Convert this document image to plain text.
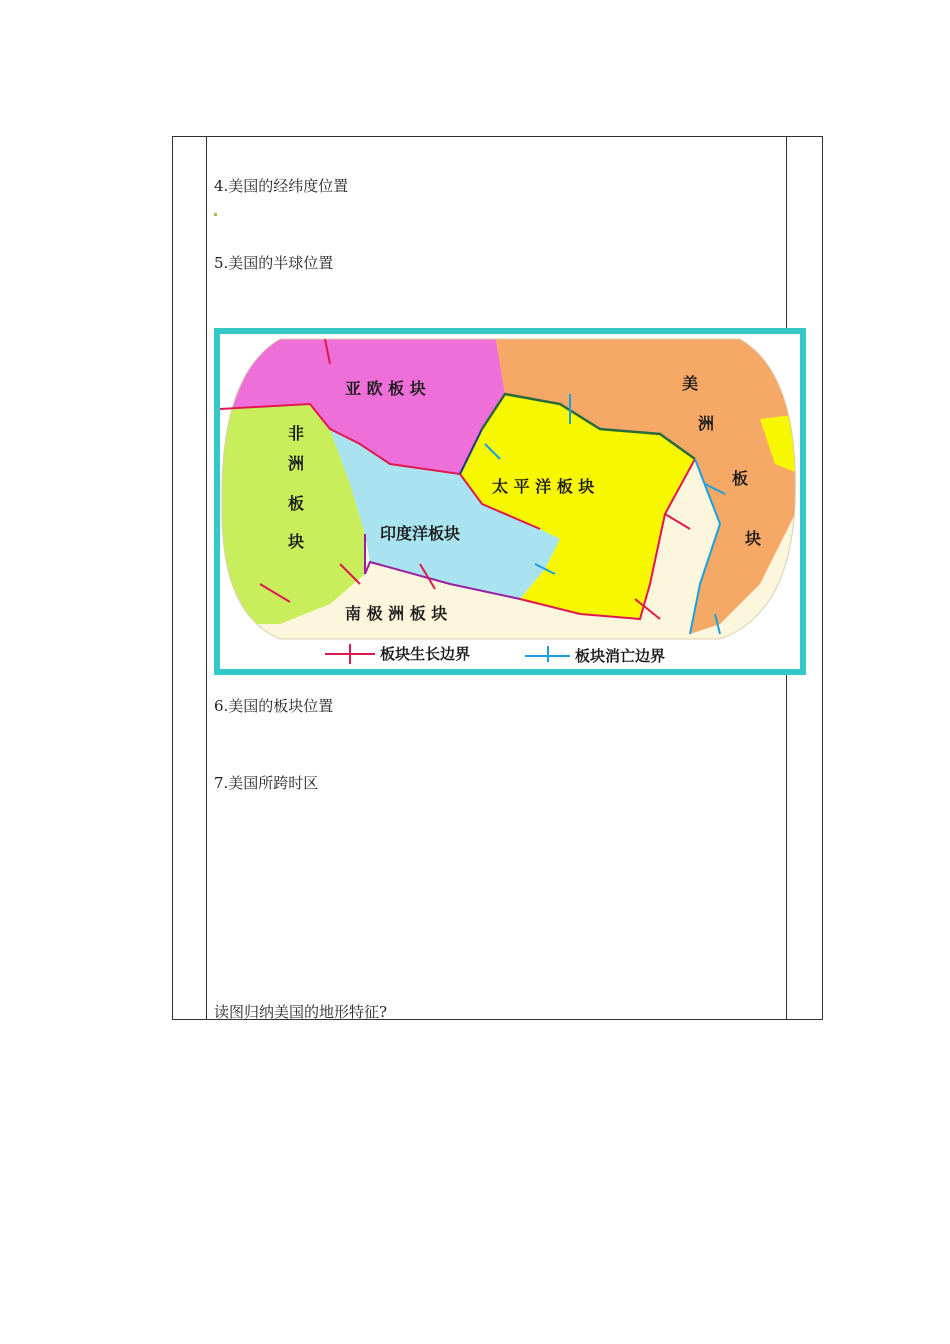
4.美国的经纬度位置
5.美国的半球位置
亚 欧 板 块
太 平 洋 板 块
印度洋板块
南 极 洲 板 块
非
洲
板
块
美
洲
板
块
板块生长边界	板块消亡边界
6.美国的板块位置
7.美国所跨时区
读图归纳美国的地形特征?
